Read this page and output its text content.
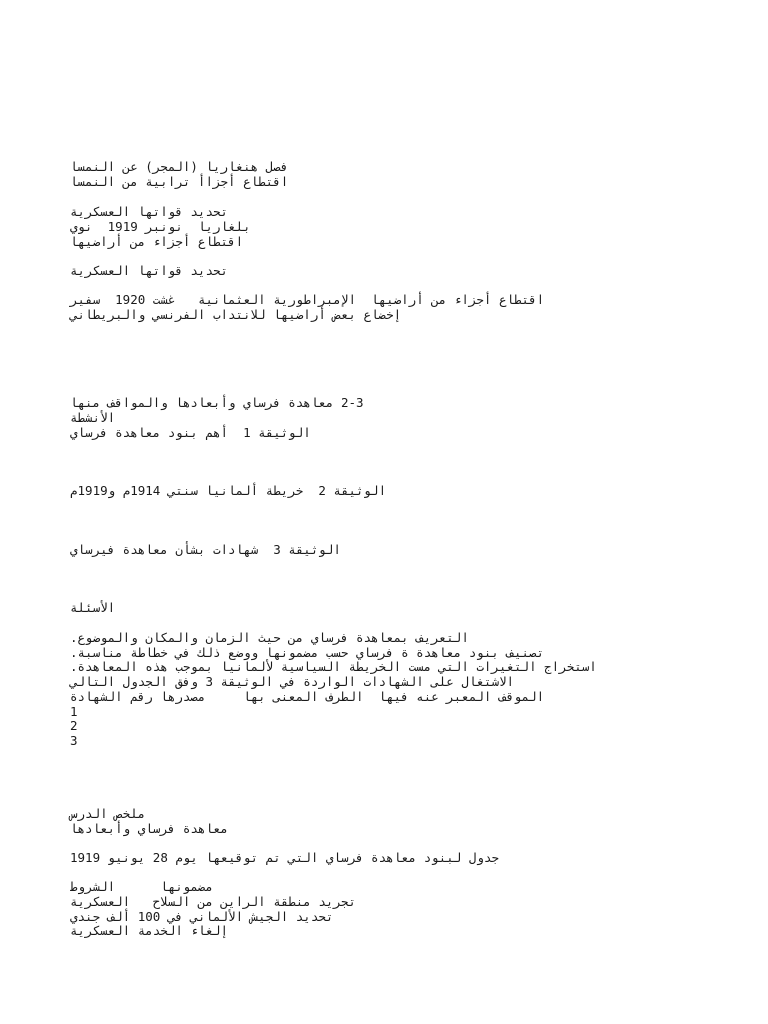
فصل هنغاريا (المجر) عن النمسا
اقتطاع أجزاأ ترابية من النمسا
تحديد قواتها العسكرية
بلغاريا  نونبر 1919  نوي
اقتطاع أجزاء من أراضيها
تحديد قواتها العسكرية
اقتطاع أجزاء من أراضيها  الإمبراطورية العثمانية   غشت 1920  سفير
إخضاع بعض أراضيها للانتداب الفرنسي والبريطاني
2-3 معاهدة فرساي وأبعادها والمواقف منها
الأنشطة
الوثيقة 1  أهم بنود معاهدة فرساي
الوثيقة 2  خريطة ألمانيا سنتي 1914م و1919م
الوثيقة 3  شهادات بشأن معاهدة فيرساي
الأسئلة
التعريف بمعاهدة فرساي من حيث الزمان والمكان والموضوع.
تصنيف بنود معاهدة ة فرساي حسب مضمونها ووضع ذلك في خطاطة مناسبة.
استخراج التغيرات التي مست الخريطة السياسية لألمانيا بموجب هذه المعاهدة.
الاشتغال على الشهادات الواردة في الوثيقة 3 وفق الجدول التالي
الموقف المعبر عنه فيها  الطرف المعنى بها     مصدرها رقم الشهادة
1
2
3
ملخص الدرس
معاهدة فرساي وأبعادها
جدول لبنود معاهدة فرساي التي تم توقيعها يوم 28 يونيو 1919
مضمونها      الشروط
تجريد منطقة الراين من السلاح   العسكرية
تحديد الجيش الألماني في 100 ألف جندي
إلغاء الخدمة العسكرية
